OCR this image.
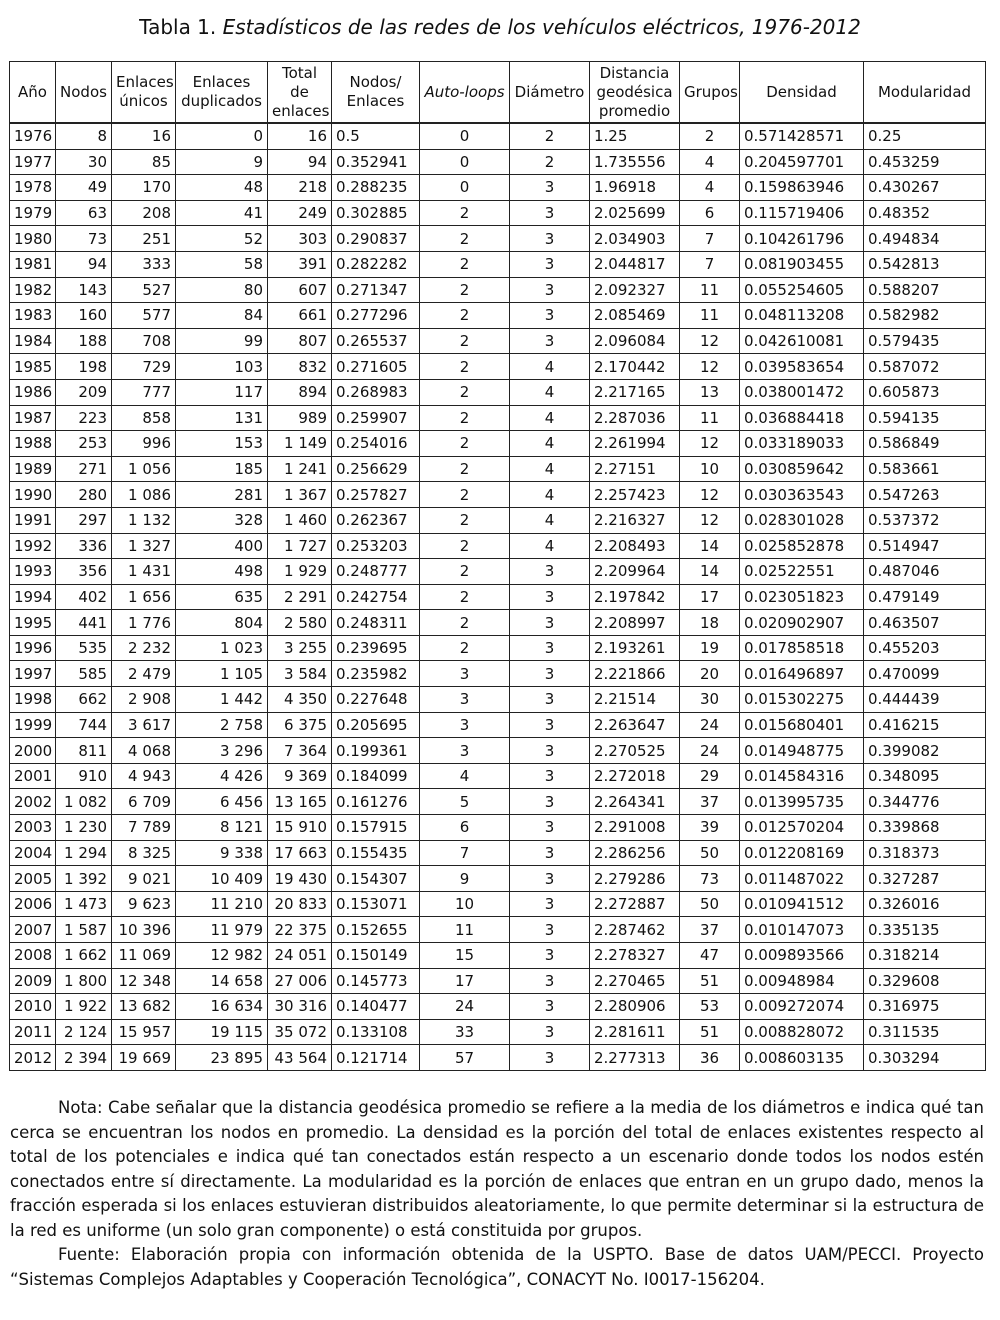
Tabla 1. Estadísticos de las redes de los vehículos eléctricos, 1976-2012
Año	Nodos	Enlaces únicos	Enlaces duplicados	Total de enlaces	Nodos/ Enlaces	Auto-loops	Diámetro	Distancia geodésica promedio	Grupos	Densidad	Modularidad
1976	8	16	0	16	0.5	0	2	1.25	2	0.571428571	0.25
1977	30	85	9	94	0.352941	0	2	1.735556	4	0.204597701	0.453259
1978	49	170	48	218	0.288235	0	3	1.96918	4	0.159863946	0.430267
1979	63	208	41	249	0.302885	2	3	2.025699	6	0.115719406	0.48352
1980	73	251	52	303	0.290837	2	3	2.034903	7	0.104261796	0.494834
1981	94	333	58	391	0.282282	2	3	2.044817	7	0.081903455	0.542813
1982	143	527	80	607	0.271347	2	3	2.092327	11	0.055254605	0.588207
1983	160	577	84	661	0.277296	2	3	2.085469	11	0.048113208	0.582982
1984	188	708	99	807	0.265537	2	3	2.096084	12	0.042610081	0.579435
1985	198	729	103	832	0.271605	2	4	2.170442	12	0.039583654	0.587072
1986	209	777	117	894	0.268983	2	4	2.217165	13	0.038001472	0.605873
1987	223	858	131	989	0.259907	2	4	2.287036	11	0.036884418	0.594135
1988	253	996	153	1 149	0.254016	2	4	2.261994	12	0.033189033	0.586849
1989	271	1 056	185	1 241	0.256629	2	4	2.27151	10	0.030859642	0.583661
1990	280	1 086	281	1 367	0.257827	2	4	2.257423	12	0.030363543	0.547263
1991	297	1 132	328	1 460	0.262367	2	4	2.216327	12	0.028301028	0.537372
1992	336	1 327	400	1 727	0.253203	2	4	2.208493	14	0.025852878	0.514947
1993	356	1 431	498	1 929	0.248777	2	3	2.209964	14	0.02522551	0.487046
1994	402	1 656	635	2 291	0.242754	2	3	2.197842	17	0.023051823	0.479149
1995	441	1 776	804	2 580	0.248311	2	3	2.208997	18	0.020902907	0.463507
1996	535	2 232	1 023	3 255	0.239695	2	3	2.193261	19	0.017858518	0.455203
1997	585	2 479	1 105	3 584	0.235982	3	3	2.221866	20	0.016496897	0.470099
1998	662	2 908	1 442	4 350	0.227648	3	3	2.21514	30	0.015302275	0.444439
1999	744	3 617	2 758	6 375	0.205695	3	3	2.263647	24	0.015680401	0.416215
2000	811	4 068	3 296	7 364	0.199361	3	3	2.270525	24	0.014948775	0.399082
2001	910	4 943	4 426	9 369	0.184099	4	3	2.272018	29	0.014584316	0.348095
2002	1 082	6 709	6 456	13 165	0.161276	5	3	2.264341	37	0.013995735	0.344776
2003	1 230	7 789	8 121	15 910	0.157915	6	3	2.291008	39	0.012570204	0.339868
2004	1 294	8 325	9 338	17 663	0.155435	7	3	2.286256	50	0.012208169	0.318373
2005	1 392	9 021	10 409	19 430	0.154307	9	3	2.279286	73	0.011487022	0.327287
2006	1 473	9 623	11 210	20 833	0.153071	10	3	2.272887	50	0.010941512	0.326016
2007	1 587	10 396	11 979	22 375	0.152655	11	3	2.287462	37	0.010147073	0.335135
2008	1 662	11 069	12 982	24 051	0.150149	15	3	2.278327	47	0.009893566	0.318214
2009	1 800	12 348	14 658	27 006	0.145773	17	3	2.270465	51	0.00948984	0.329608
2010	1 922	13 682	16 634	30 316	0.140477	24	3	2.280906	53	0.009272074	0.316975
2011	2 124	15 957	19 115	35 072	0.133108	33	3	2.281611	51	0.008828072	0.311535
2012	2 394	19 669	23 895	43 564	0.121714	57	3	2.277313	36	0.008603135	0.303294

Nota: Cabe señalar que la distancia geodésica promedio se refiere a la media de los diámetros e indica qué tan cerca se encuentran los nodos en promedio. La densidad es la porción del total de enlaces existentes respecto al total de los potenciales e indica qué tan conectados están respecto a un escenario donde todos los nodos estén conectados entre sí directamente. La modularidad es la porción de enlaces que entran en un grupo dado, menos la fracción esperada si los enlaces estuvieran distribuidos aleatoriamente, lo que permite determinar si la estructura de la red es uniforme (un solo gran componente) o está constituida por grupos.

Fuente: Elaboración propia con información obtenida de la USPTO. Base de datos UAM/PECCI. Proyecto “Sistemas Complejos Adaptables y Cooperación Tecnológica”, CONACYT No. I0017-156204.
